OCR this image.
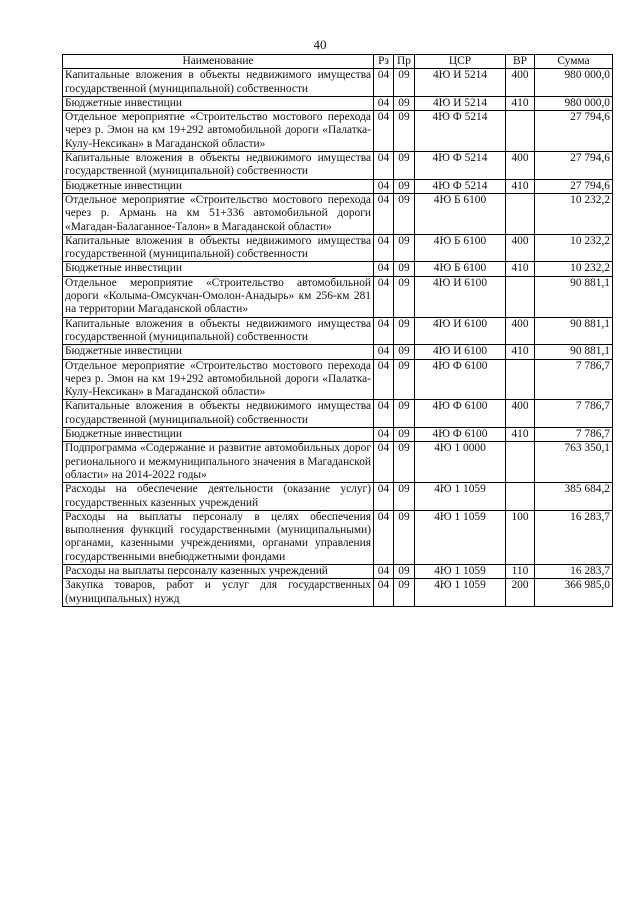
40
Наименование	Рз	Пр	ЦСР	ВР	Сумма
Капитальные вложения в объекты недвижимого имущества государственной (муниципальной) собственности	04	09	4Ю И 5214	400	980 000,0
Бюджетные инвестиции	04	09	4Ю И 5214	410	980 000,0
Отдельное мероприятие «Строительство мостового перехода через р. Эмон на км 19+292 автомобильной дороги «Палатка-Кулу-Нексикан» в Магаданской области»	04	09	4Ю Ф 5214		27 794,6
Капитальные вложения в объекты недвижимого имущества государственной (муниципальной) собственности	04	09	4Ю Ф 5214	400	27 794,6
Бюджетные инвестиции	04	09	4Ю Ф 5214	410	27 794,6
Отдельное мероприятие «Строительство мостового перехода через р. Армань на км 51+336 автомобильной дороги «Магадан-Балаганное-Талон» в Магаданской области»	04	09	4Ю Б 6100		10 232,2
Капитальные вложения в объекты недвижимого имущества государственной (муниципальной) собственности	04	09	4Ю Б 6100	400	10 232,2
Бюджетные инвестиции	04	09	4Ю Б 6100	410	10 232,2
Отдельное мероприятие «Строительство автомобильной дороги «Колыма-Омсукчан-Омолон-Анадырь» км 256-км 281 на территории Магаданской области»	04	09	4Ю И 6100		90 881,1
Капитальные вложения в объекты недвижимого имущества государственной (муниципальной) собственности	04	09	4Ю И 6100	400	90 881,1
Бюджетные инвестиции	04	09	4Ю И 6100	410	90 881,1
Отдельное мероприятие «Строительство мостового перехода через р. Эмон на км 19+292 автомобильной дороги «Палатка-Кулу-Нексикан» в Магаданской области»	04	09	4Ю Ф 6100		7 786,7
Капитальные вложения в объекты недвижимого имущества государственной (муниципальной) собственности	04	09	4Ю Ф 6100	400	7 786,7
Бюджетные инвестиции	04	09	4Ю Ф 6100	410	7 786,7
Подпрограмма «Содержание и развитие автомобильных дорог регионального и межмуниципального значения в Магаданской области» на 2014-2022 годы»	04	09	4Ю 1 0000		763 350,1
Расходы на обеспечение деятельности (оказание услуг) государственных казенных учреждений	04	09	4Ю 1 1059		385 684,2
Расходы на выплаты персоналу в целях обеспечения выполнения функций государственными (муниципальными) органами, казенными учреждениями, органами управления государственными внебюджетными фондами	04	09	4Ю 1 1059	100	16 283,7
Расходы на выплаты персоналу казенных учреждений	04	09	4Ю 1 1059	110	16 283,7
Закупка товаров, работ и услуг для государственных (муниципальных) нужд	04	09	4Ю 1 1059	200	366 985,0
